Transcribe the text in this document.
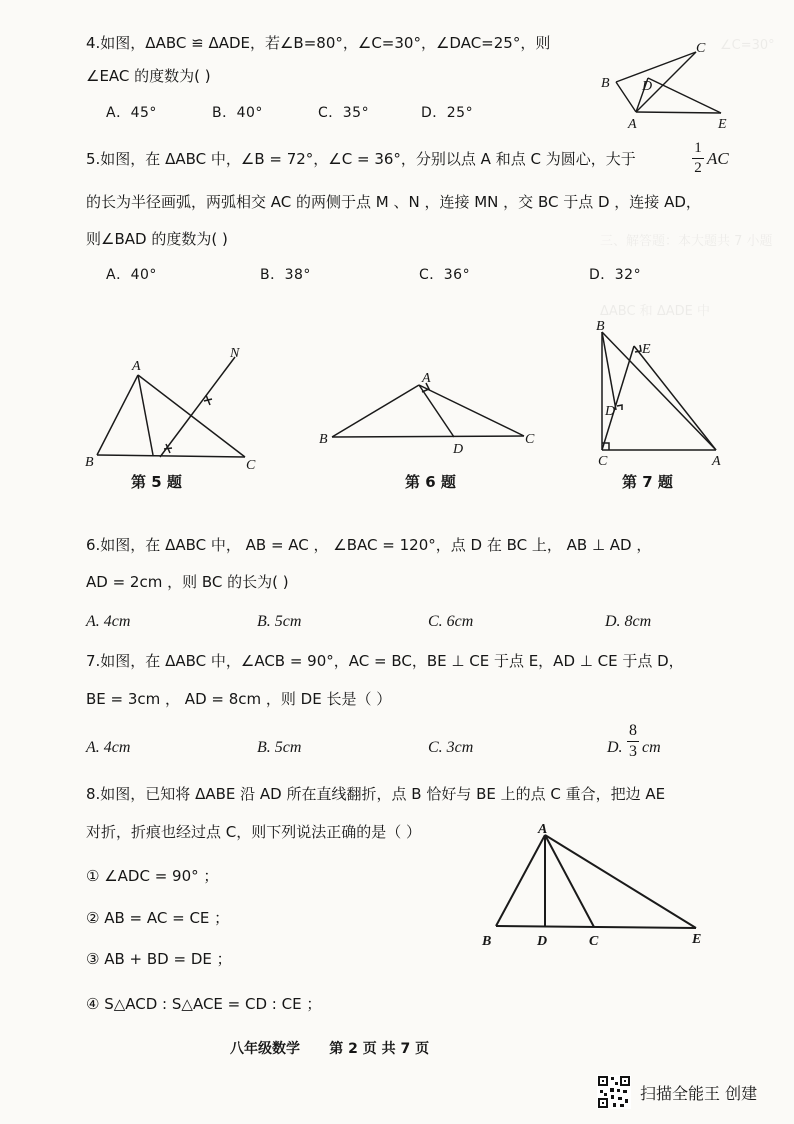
∠C=30°
三、解答题：本大题共 7 小题
ΔABC 和 ΔADE 中
4.如图，ΔABC ≌ ΔADE，若∠B=80°，∠C=30°，∠DAC=25°，则
∠EAC 的度数为( )
A．45°	B．40°	C．35°	D．25°
C
B D
A	E
5.如图，在 ΔABC 中，∠B = 72°，∠C = 36°，分别以点 A 和点 C 为圆心，大于
1
2 AC
的长为半径画弧，两弧相交 AC 的两侧于点 M 、N ，连接 MN ，交 BC 于点 D ，连接 AD，
则∠BAD 的度数为( )
A．40°	B．38°	C．36°	D．32°
A
N
B	C
第 5 题
A
B
D
C
第 6 题
B
E
D
C	A
第 7 题
6.如图，在 ΔABC 中， AB = AC ， ∠BAC = 120°，点 D 在 BC 上， AB ⊥ AD ，
AD = 2cm ，则 BC 的长为( )
A. 4cm	B. 5cm	C. 6cm	D. 8cm
7.如图，在 ΔABC 中，∠ACB = 90°，AC = BC，BE ⊥ CE 于点 E，AD ⊥ CE 于点 D，
BE = 3cm ， AD = 8cm ，则 DE 长是（ ）
A. 4cm	B. 5cm	C. 3cm	D.
8
3 cm
8.如图，已知将 ΔABE 沿 AD 所在直线翻折，点 B 恰好与 BE 上的点 C 重合，把边 AE
对折，折痕也经过点 C，则下列说法正确的是（ ）
① ∠ADC = 90° ；
② AB = AC = CE ；
③ AB + BD = DE ；
④ S△ACD : S△ACE = CD : CE ；
A
B	D	C	E
八年级数学      第 2 页 共 7 页
扫描全能王 创建
